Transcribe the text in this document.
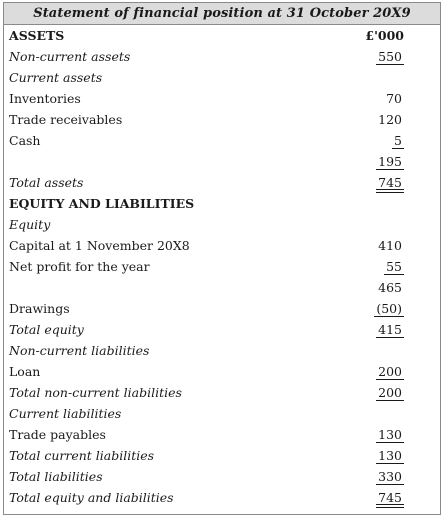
Statement of financial position at 31 October 20X9
ASSETS	£'000
Non-current assets	550
Current assets
Inventories	70
Trade receivables	120
Cash	5
195
Total assets	745
EQUITY AND LIABILITIES
Equity
Capital at 1 November 20X8	410
Net profit for the year	55
465
Drawings	(50)
Total equity	415
Non-current liabilities
Loan	200
Total non-current liabilities	200
Current liabilities
Trade payables	130
Total current liabilities	130
Total liabilities	330
Total equity and liabilities	745
